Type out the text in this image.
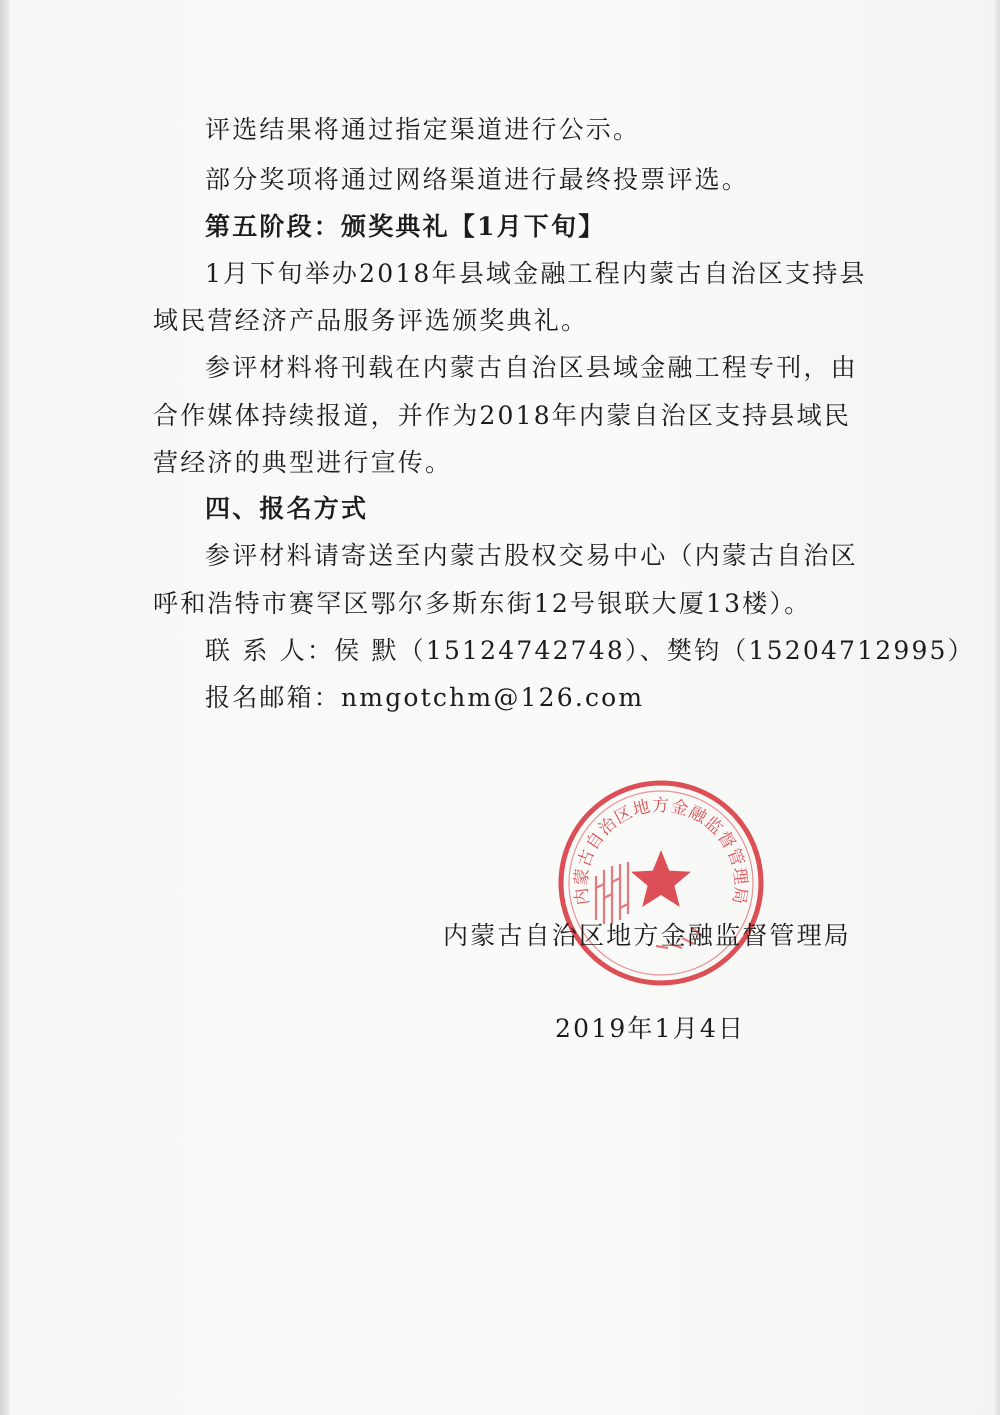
评选结果将通过指定渠道进行公示。
部分奖项将通过网络渠道进行最终投票评选。
第五阶段：颁奖典礼【1月下旬】
1月下旬举办2018年县域金融工程内蒙古自治区支持县
域民营经济产品服务评选颁奖典礼。
参评材料将刊载在内蒙古自治区县域金融工程专刊，由
合作媒体持续报道，并作为2018年内蒙自治区支持县域民
营经济的典型进行宣传。
四、报名方式
参评材料请寄送至内蒙古股权交易中心（内蒙古自治区
呼和浩特市赛罕区鄂尔多斯东街12号银联大厦13楼）。
联 系 人：侯 默（15124742748）、樊钧（15204712995）
报名邮箱：nmgotchm@126.com
内蒙古自治区地方金融监督管理局
内蒙古自治区地方金融监督管理局
2019年1月4日
